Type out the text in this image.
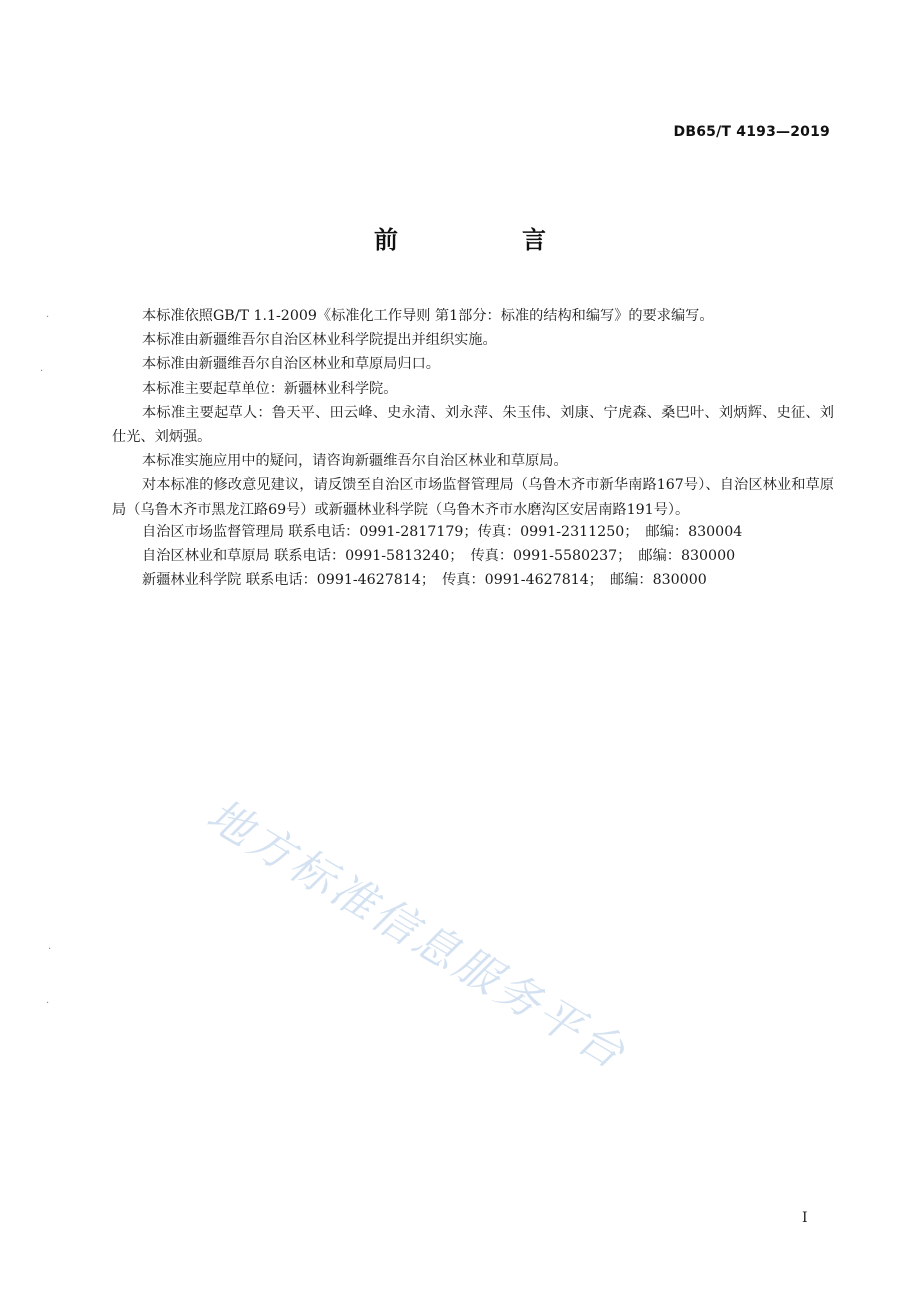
DB65/T 4193—2019
前　言

本标准依照GB/T 1.1-2009《标准化工作导则 第1部分：标准的结构和编写》的要求编写。

本标准由新疆维吾尔自治区林业科学院提出并组织实施。

本标准由新疆维吾尔自治区林业和草原局归口。

本标准主要起草单位：新疆林业科学院。

本标准主要起草人：鲁天平、田云峰、史永清、刘永萍、朱玉伟、刘康、宁虎森、桑巴叶、刘炳辉、史征、刘仕光、刘炳强。

本标准实施应用中的疑问，请咨询新疆维吾尔自治区林业和草原局。

对本标准的修改意见建议，请反馈至自治区市场监督管理局（乌鲁木齐市新华南路167号）、自治区林业和草原局（乌鲁木齐市黑龙江路69号）或新疆林业科学院（乌鲁木齐市水磨沟区安居南路191号）。

自治区市场监督管理局 联系电话：0991-2817179；传真：0991-2311250；　邮编：830004

自治区林业和草原局 联系电话：0991-5813240；　传真：0991-5580237；　邮编：830000

新疆林业科学院 联系电话：0991-4627814；　传真：0991-4627814；　邮编：830000

地方标准信息服务平台
·
·
·
·
I
